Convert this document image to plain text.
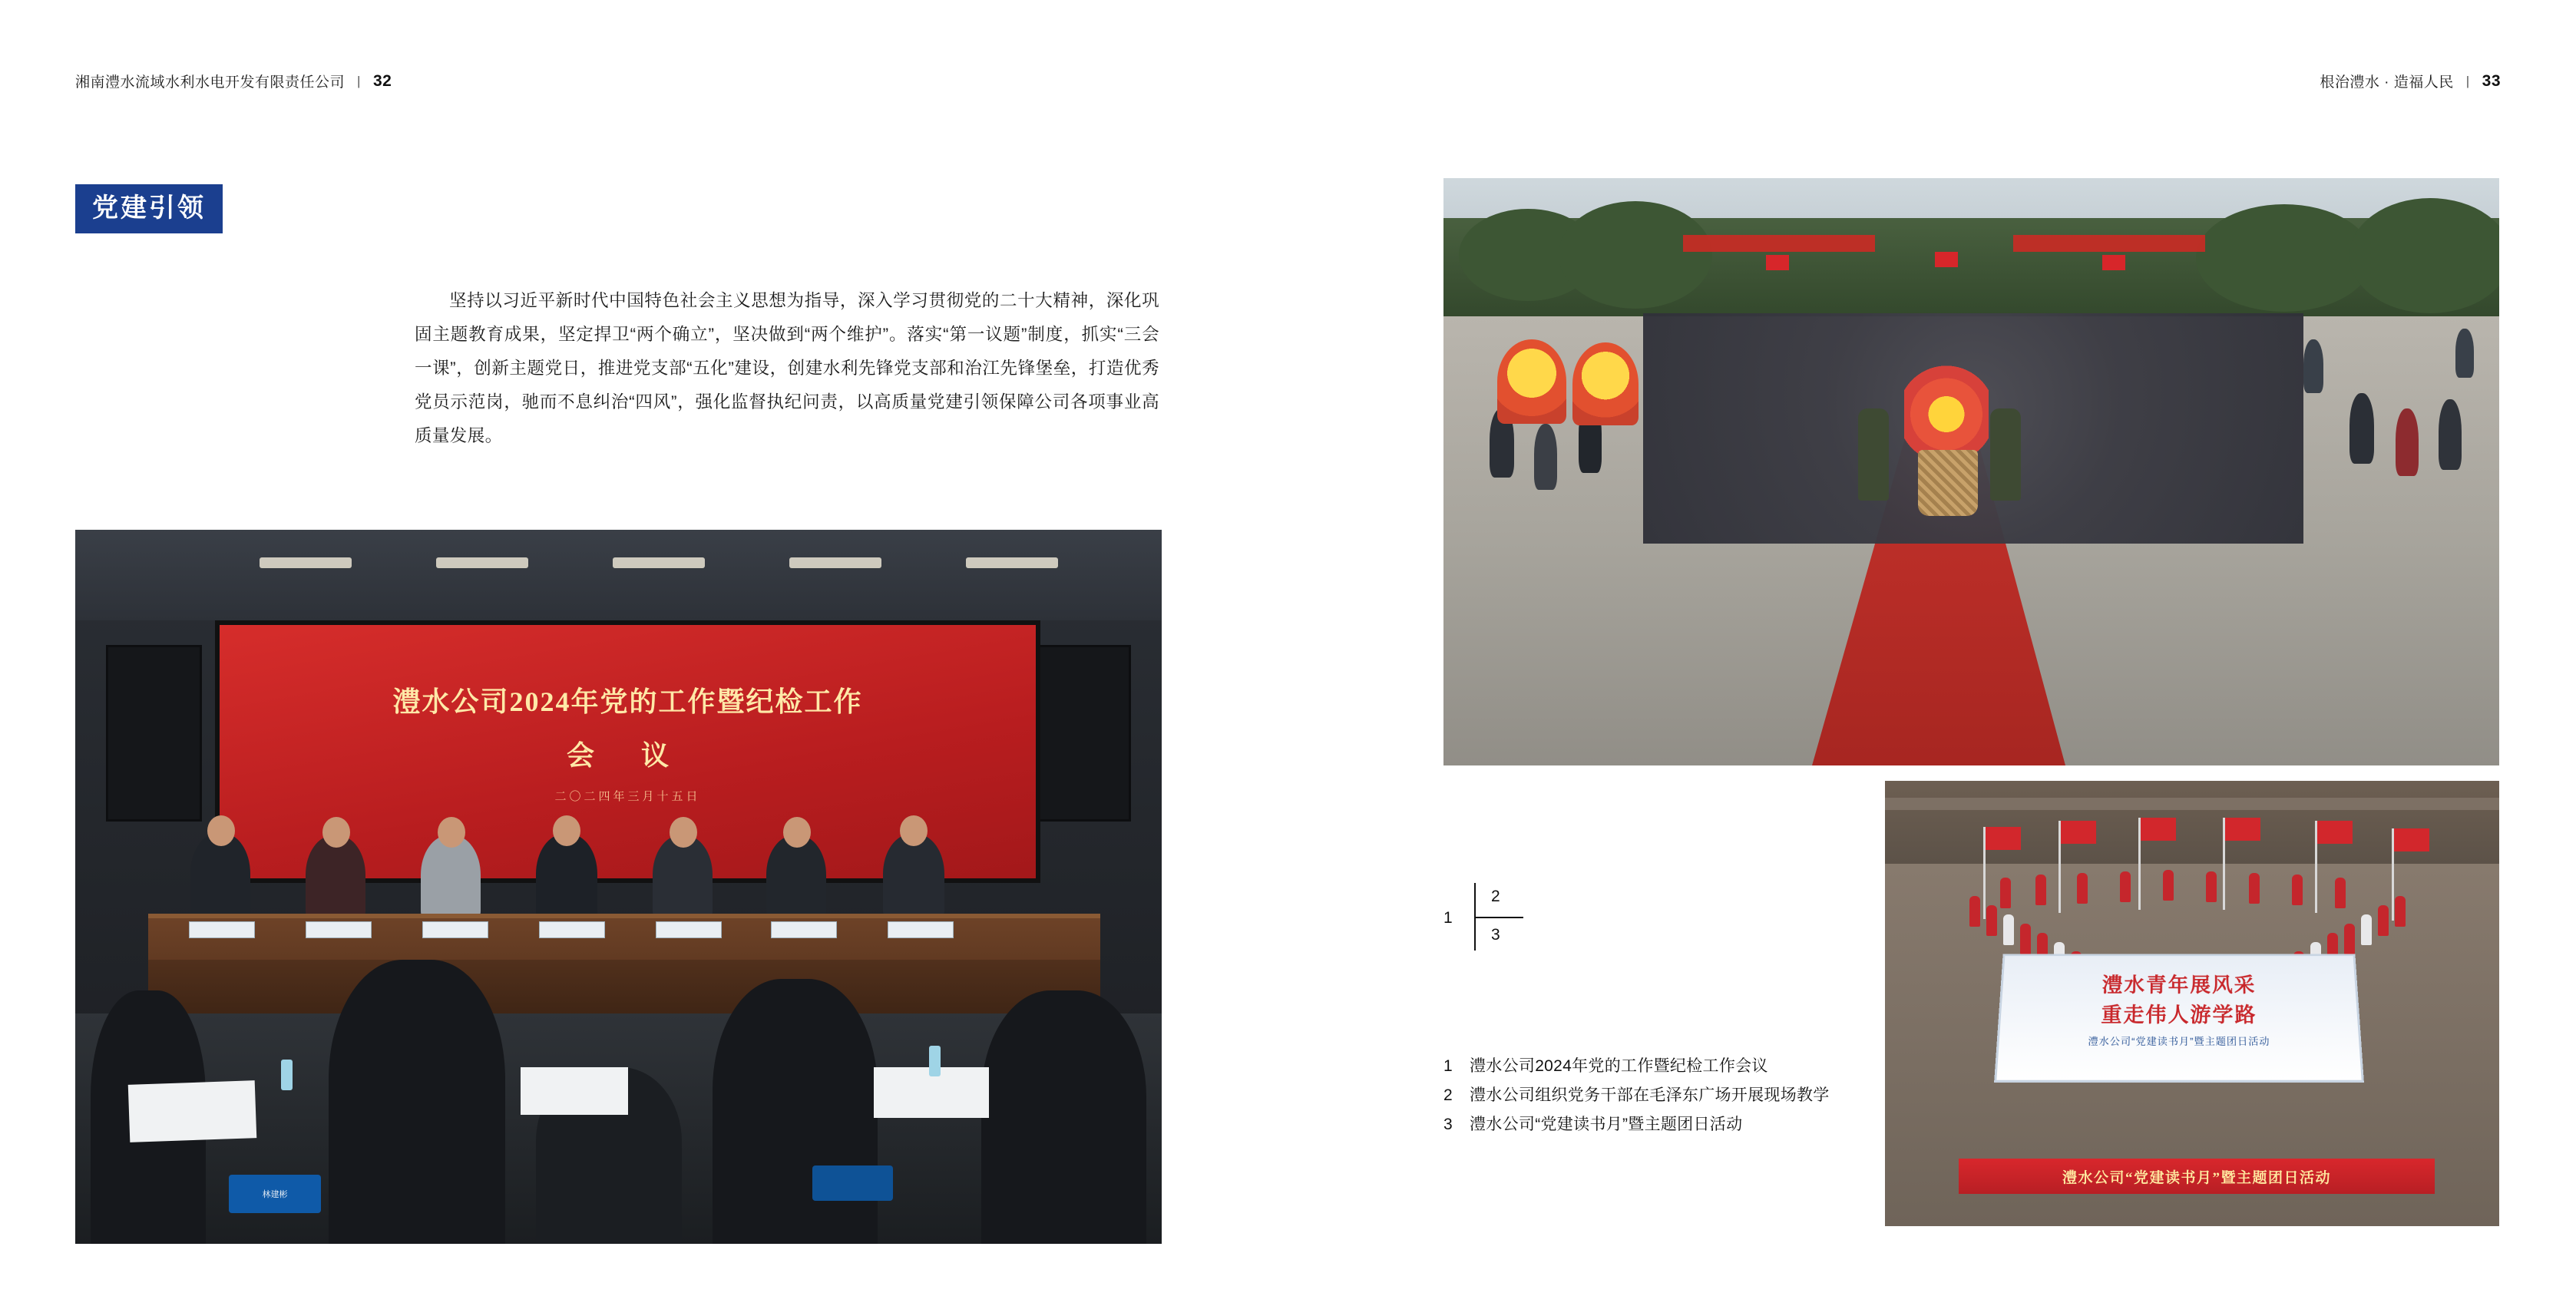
湘南澧水流域水利水电开发有限责任公司 | 32	根治澧水 · 造福人民 | 33
党建引领

坚持以习近平新时代中国特色社会主义思想为指导，深入学习贯彻党的二十大精神，深化巩固主题教育成果，坚定捍卫“两个确立”，坚决做到“两个维护”。落实“第一议题”制度，抓实“三会一课”，创新主题党日，推进党支部“五化”建设，创建水利先锋党支部和治江先锋堡垒，打造优秀党员示范岗，驰而不息纠治“四风”，强化监督执纪问责，以高质量党建引领保障公司各项事业高质量发展。

澧水公司2024年党的工作暨纪检工作
会 议
二〇二四年三月十五日
林建彬
澧水青年展风采
重走伟人游学路
澧水公司“党建读书月”暨主题团日活动
澧水公司“党建读书月”暨主题团日活动
1
2
3
1 澧水公司2024年党的工作暨纪检工作会议
2 澧水公司组织党务干部在毛泽东广场开展现场教学
3 澧水公司“党建读书月”暨主题团日活动
